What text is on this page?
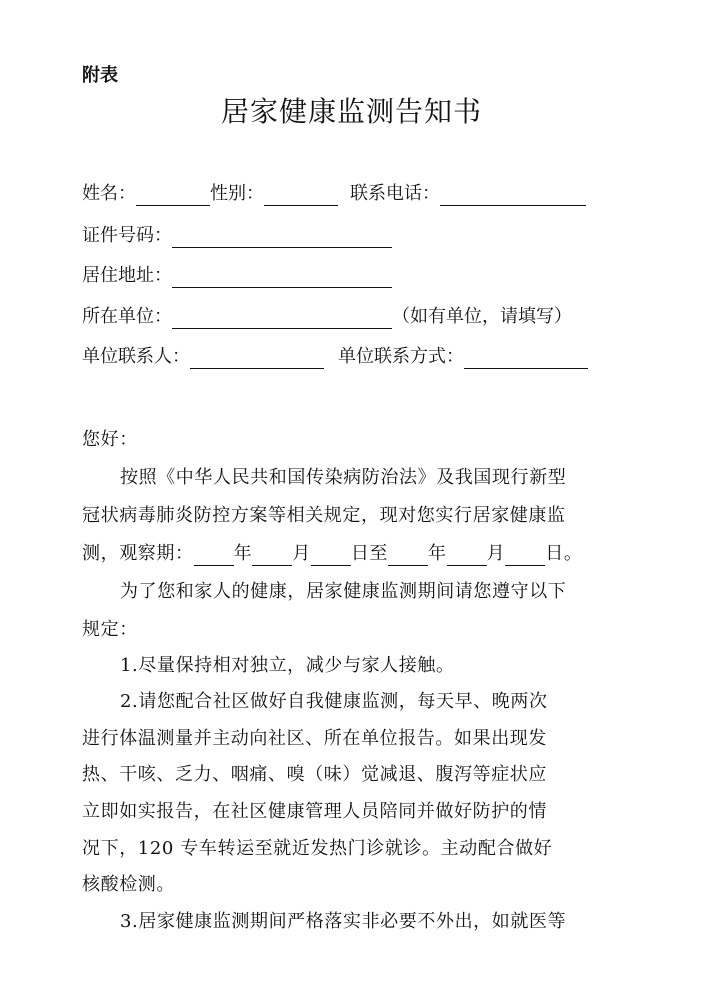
附表
居家健康监测告知书
姓名：	性别：	联系电话：
证件号码：
居住地址：
所在单位：	（如有单位，请填写）
单位联系人：	单位联系方式：
您好：
按照《中华人民共和国传染病防治法》及我国现行新型
冠状病毒肺炎防控方案等相关规定，现对您实行居家健康监
测，观察期： 年 月 日至 年 月 日。
为了您和家人的健康，居家健康监测期间请您遵守以下
规定：
1.尽量保持相对独立，减少与家人接触。
2.请您配合社区做好自我健康监测，每天早、晚两次
进行体温测量并主动向社区、所在单位报告。如果出现发
热、干咳、乏力、咽痛、嗅（味）觉减退、腹泻等症状应
立即如实报告，在社区健康管理人员陪同并做好防护的情
况下，120 专车转运至就近发热门诊就诊。主动配合做好
核酸检测。
3.居家健康监测期间严格落实非必要不外出，如就医等
